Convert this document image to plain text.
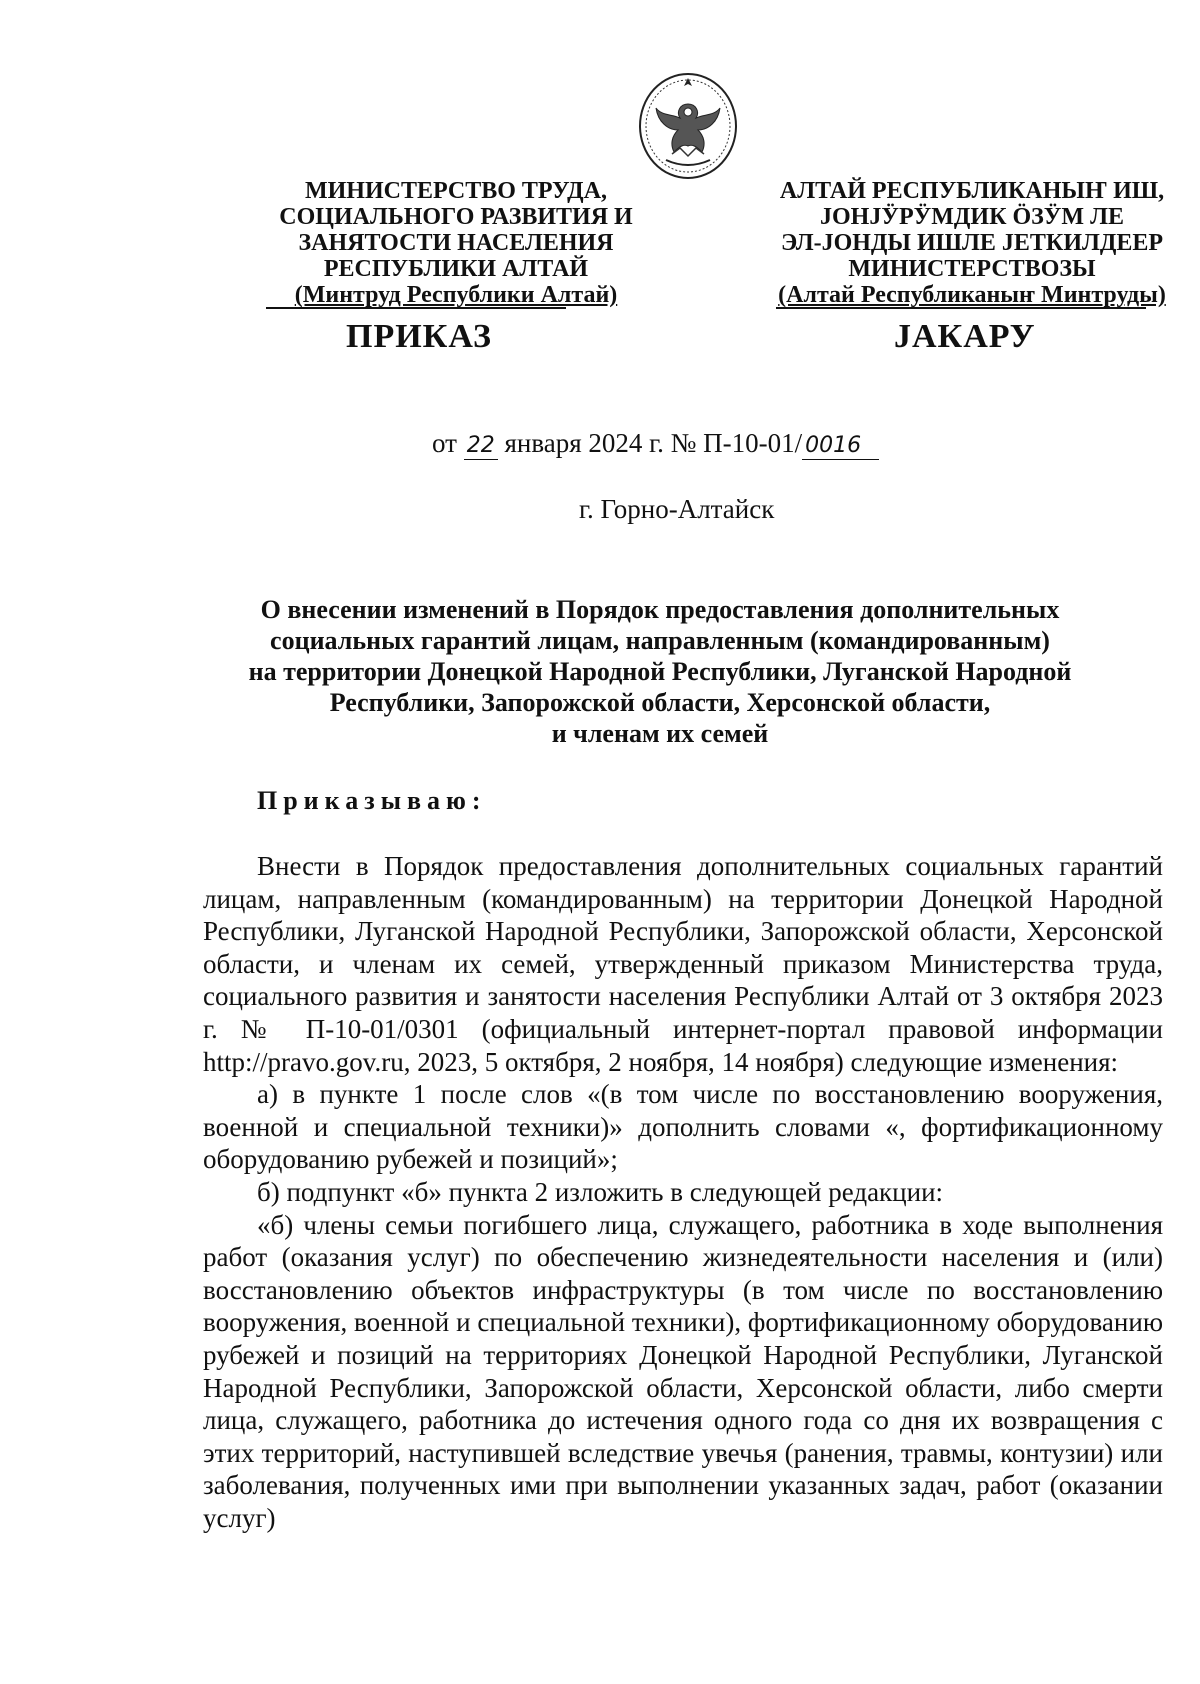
МИНИСТЕРСТВО ТРУДА,
СОЦИАЛЬНОГО РАЗВИТИЯ И
ЗАНЯТОСТИ НАСЕЛЕНИЯ
РЕСПУБЛИКИ АЛТАЙ
(Минтруд Республики Алтай)
АЛТАЙ РЕСПУБЛИКАНЫҤ ИШ,
ЈОНЈӰРӰМДИК ӦЗӰМ ЛЕ
ЭЛ-ЈОНДЫ ИШЛЕ ЈЕТКИЛДЕЕР
МИНИСТЕРСТВОЗЫ
(Алтай Республиканыҥ Минтруды)
ПРИКАЗ	ЈАКАРУ
от 22 января 2024 г. № П-10-01/ 0016
г. Горно-Алтайск
О внесении изменений в Порядок предоставления дополнительных
социальных гарантий лицам, направленным (командированным)
на территории Донецкой Народной Республики, Луганской Народной
Республики, Запорожской области, Херсонской области,
и членам их семей
Приказываю:

Внести в Порядок предоставления дополнительных социальных гарантий лицам, направленным (командированным) на территории Донецкой Народной Республики, Луганской Народной Республики, Запорожской области, Херсонской области, и членам их семей, утвержденный приказом Министерства труда, социального развития и занятости населения Республики Алтай от 3 октября 2023 г. № П-10-01/0301 (официальный интернет-портал правовой информации http://pravo.gov.ru, 2023, 5 октября, 2 ноября, 14 ноября) следующие изменения:

а) в пункте 1 после слов «(в том числе по восстановлению вооружения, военной и специальной техники)» дополнить словами «, фортификационному оборудованию рубежей и позиций»;

б) подпункт «б» пункта 2 изложить в следующей редакции:

«б) члены семьи погибшего лица, служащего, работника в ходе выполнения работ (оказания услуг) по обеспечению жизнедеятельности населения и (или) восстановлению объектов инфраструктуры (в том числе по восстановлению вооружения, военной и специальной техники), фортификационному оборудованию рубежей и позиций на территориях Донецкой Народной Республики, Луганской Народной Республики, Запорожской области, Херсонской области, либо смерти лица, служащего, работника до истечения одного года со дня их возвращения с этих территорий, наступившей вследствие увечья (ранения, травмы, контузии) или заболевания, полученных ими при выполнении указанных задач, работ (оказании услуг)
